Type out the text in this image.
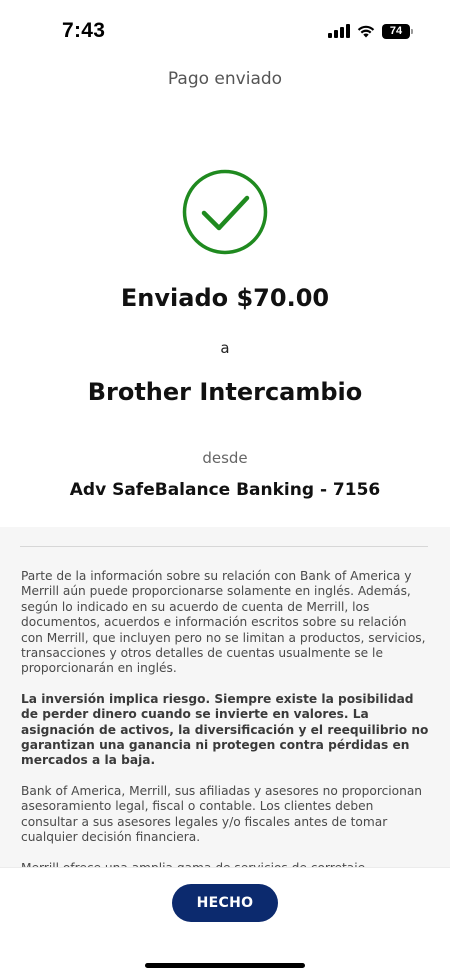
7:43	74
Pago enviado
Enviado $70.00
a
Brother Intercambio
desde
Adv SafeBalance Banking - 7156

Parte de la información sobre su relación con Bank of America y Merrill aún puede proporcionarse solamente en inglés. Además, según lo indicado en su acuerdo de cuenta de Merrill, los documentos, acuerdos e información escritos sobre su relación con Merrill, que incluyen pero no se limitan a productos, servicios, transacciones y otros detalles de cuentas usualmente se le proporcionarán en inglés.

La inversión implica riesgo. Siempre existe la posibilidad de perder dinero cuando se invierte en valores. La asignación de activos, la diversificación y el reequilibrio no garantizan una ganancia ni protegen contra pérdidas en mercados a la baja.

Bank of America, Merrill, sus afiliadas y asesores no proporcionan asesoramiento legal, fiscal o contable. Los clientes deben consultar a sus asesores legales y/o fiscales antes de tomar cualquier decisión financiera.

HECHO
